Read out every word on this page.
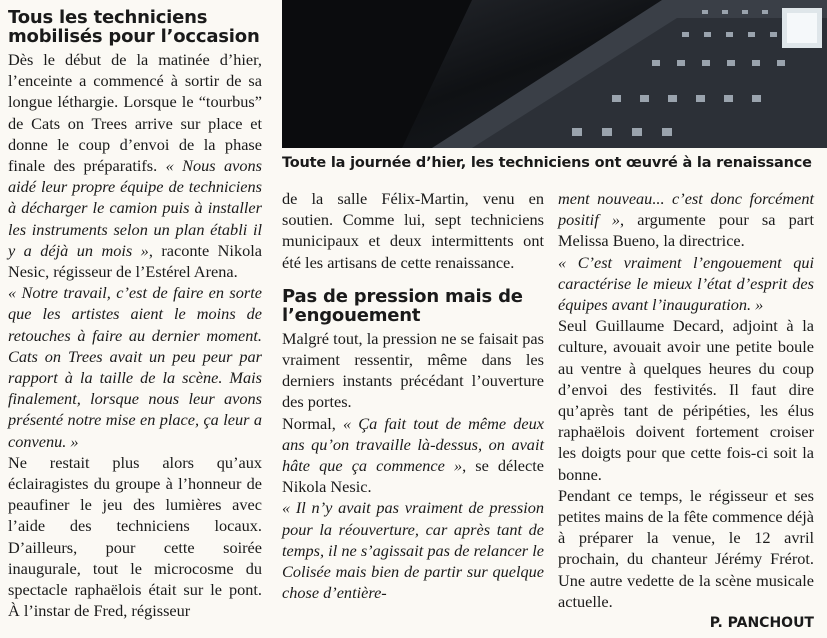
Toute la journée d’hier, les techniciens ont œuvré à la renaissance
Tous les techniciens mobilisés pour l’occasion

Dès le début de la matinée d’hier, l’enceinte a commencé à sortir de sa longue léthargie. Lorsque le “tourbus” de Cats on Trees arrive sur place et donne le coup d’envoi de la phase finale des préparatifs. « Nous avons aidé leur propre équipe de techniciens à décharger le camion puis à installer les instruments selon un plan établi il y a déjà un mois », raconte Nikola Nesic, régisseur de l’Estérel Arena.

« Notre travail, c’est de faire en sorte que les artistes aient le moins de retouches à faire au dernier moment. Cats on Trees avait un peu peur par rapport à la taille de la scène. Mais finalement, lorsque nous leur avons présenté notre mise en place, ça leur a convenu. »

Ne restait plus alors qu’aux éclairagistes du groupe à l’honneur de peaufiner le jeu des lumières avec l’aide des techniciens locaux. D’ailleurs, pour cette soirée inaugurale, tout le microcosme du spectacle raphaëlois était sur le pont. À l’instar de Fred, régisseur

de la salle Félix-Martin, venu en soutien. Comme lui, sept techniciens municipaux et deux intermittents ont été les artisans de cette renaissance.

Pas de pression mais de l’engouement

Malgré tout, la pression ne se faisait pas vraiment ressentir, même dans les derniers instants précédant l’ouverture des portes.

Normal, « Ça fait tout de même deux ans qu’on travaille là-dessus, on avait hâte que ça commence », se délecte Nikola Nesic.

« Il n’y avait pas vraiment de pression pour la réouverture, car après tant de temps, il ne s’agissait pas de relancer le Colisée mais bien de partir sur quelque chose d’entière-

ment nouveau... c’est donc forcément positif », argumente pour sa part Melissa Bueno, la directrice.

« C’est vraiment l’engouement qui caractérise le mieux l’état d’esprit des équipes avant l’inauguration. »

Seul Guillaume Decard, adjoint à la culture, avouait avoir une petite boule au ventre à quelques heures du coup d’envoi des festivités. Il faut dire qu’après tant de péripéties, les élus raphaëlois doivent fortement croiser les doigts pour que cette fois-ci soit la bonne.

Pendant ce temps, le régisseur et ses petites mains de la fête commence déjà à préparer la venue, le 12 avril prochain, du chanteur Jérémy Frérot. Une autre vedette de la scène musicale actuelle.

P. PANCHOUT
